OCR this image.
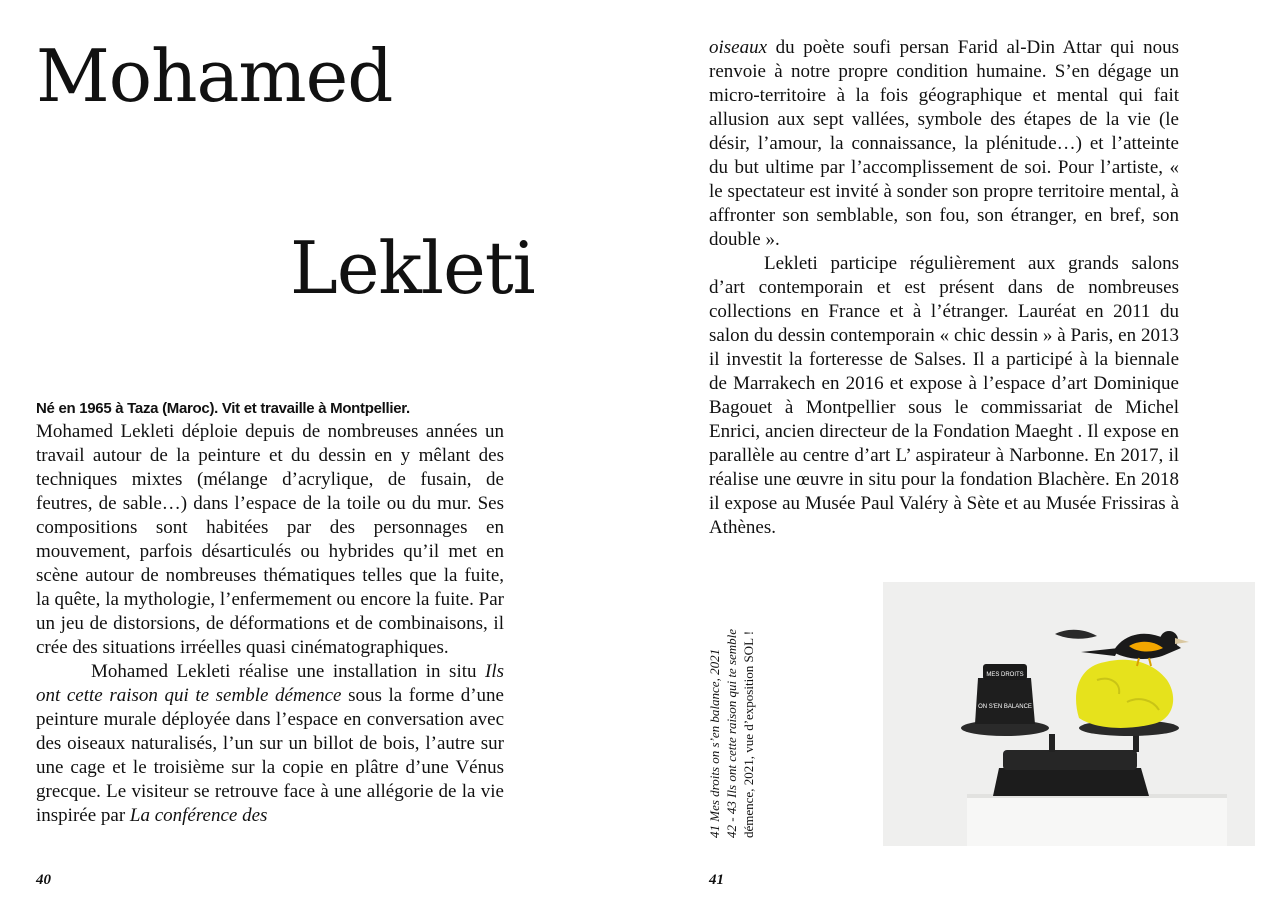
Mohamed
Lekleti

Né en 1965 à Taza (Maroc). Vit et travaille à Montpellier.

Mohamed Lekleti déploie depuis de nombreuses années un travail autour de la peinture et du dessin en y mêlant des techniques mixtes (mélange d’acrylique, de fusain, de feutres, de sable…) dans l’espace de la toile ou du mur. Ses compositions sont habitées par des personnages en mouvement, parfois désarticulés ou hybrides qu’il met en scène autour de nombreuses thématiques telles que la fuite, la quête, la mythologie, l’enfermement ou encore la fuite. Par un jeu de distorsions, de déformations et de combinaisons, il crée des situations irréelles quasi cinématographiques.

Mohamed Lekleti réalise une installation in situ Ils ont cette raison qui te semble démence sous la forme d’une peinture murale déployée dans l’espace en conversation avec des oiseaux naturalisés, l’un sur un billot de bois, l’autre sur une cage et le troisième sur la copie en plâtre d’une Vénus grecque. Le visiteur se retrouve face à une allégorie de la vie inspirée par La conférence des

40

oiseaux du poète soufi persan Farid al-Din Attar qui nous renvoie à notre propre condition humaine. S’en dégage un micro-territoire à la fois géographique et mental qui fait allusion aux sept vallées, symbole des étapes de la vie (le désir, l’amour, la connaissance, la plénitude…) et l’atteinte du but ultime par l’accomplissement de soi. Pour l’artiste, « le spectateur est invité à sonder son propre territoire mental, à affronter son semblable, son fou, son étranger, en bref, son double ».

Lekleti participe régulièrement aux grands salons d’art contemporain et est présent dans de nombreuses collections en France et à l’étranger. Lauréat en 2011 du salon du dessin contemporain « chic dessin » à Paris, en 2013 il investit la forteresse de Salses. Il a participé à la biennale de Marrakech en 2016 et expose à l’espace d’art Dominique Bagouet à Montpellier sous le commissariat de Michel Enrici, ancien directeur de la Fondation Maeght . Il expose en parallèle au centre d’art L’ aspirateur à Narbonne. En 2017, il réalise une œuvre in situ pour la fondation Blachère. En 2018 il expose au Musée Paul Valéry à Sète et au Musée Frissiras à Athènes.

41 Mes droits on s’en balance, 2021 42 - 43 Ils ont cette raison qui te semble démence, 2021, vue d’exposition SOL !	MES DROITS
ON S'EN BALANCE

41
